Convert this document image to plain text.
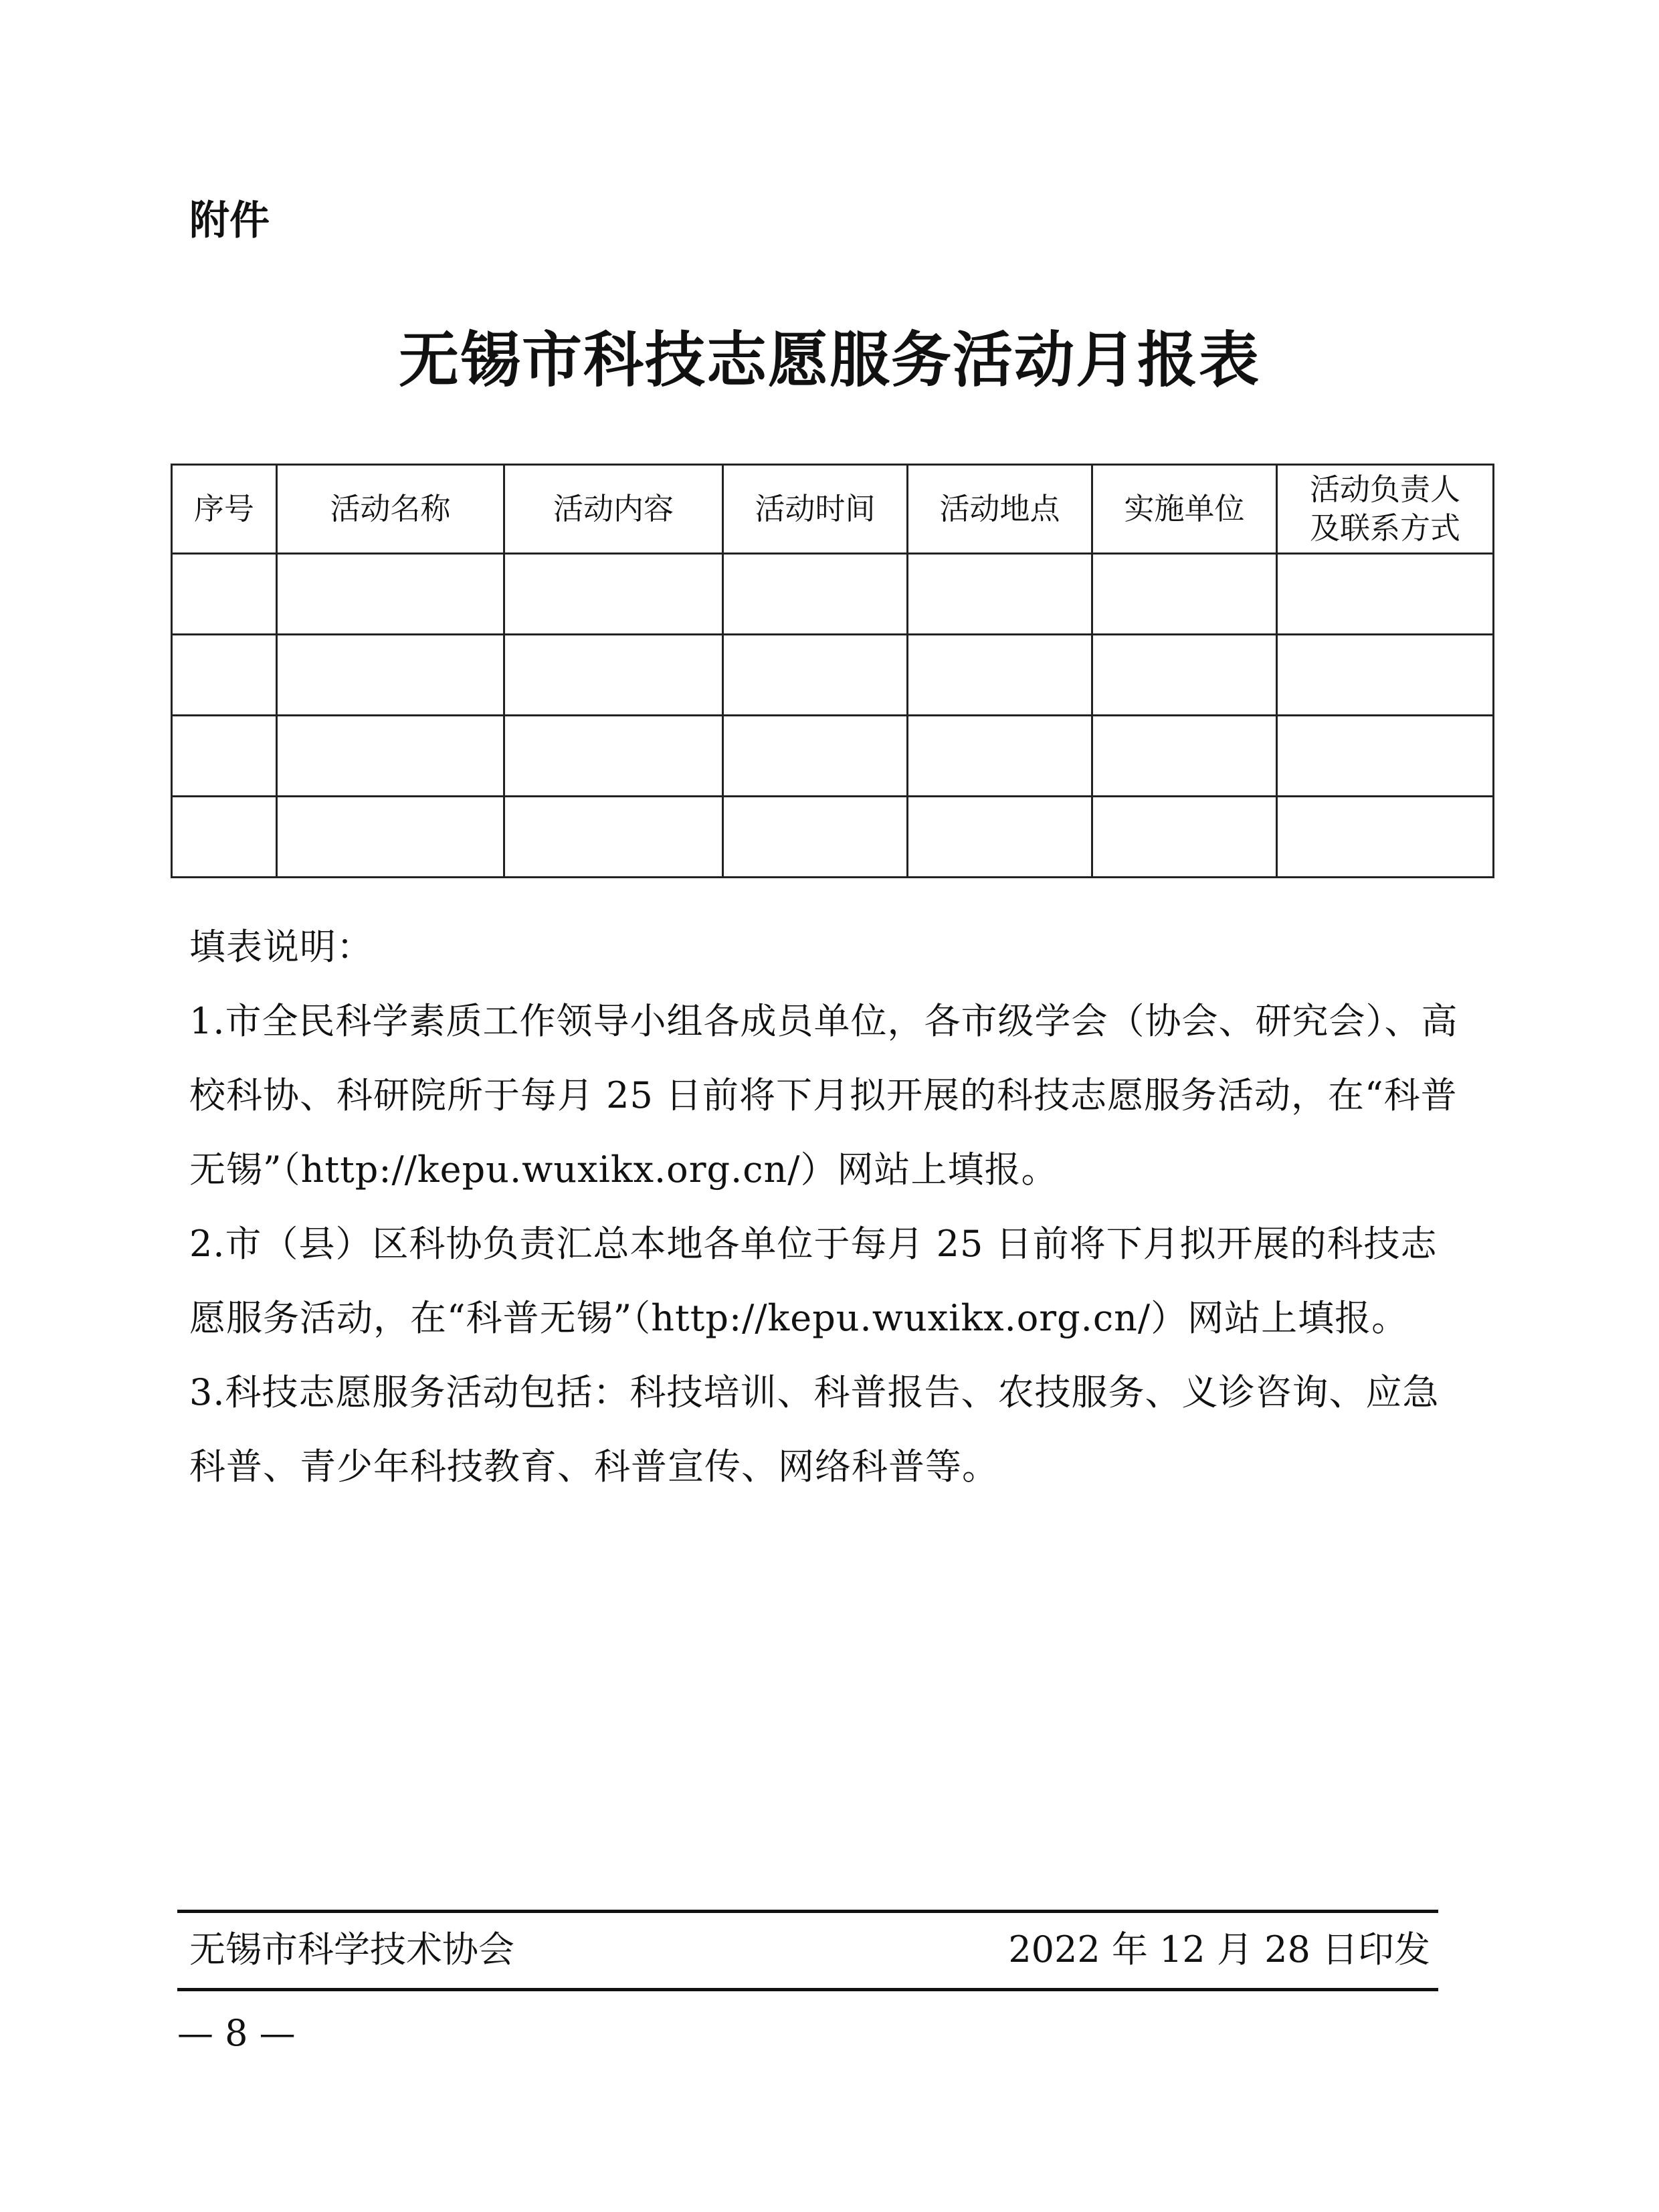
附件

无锡市科技志愿服务活动月报表
序号	活动名称	活动内容	活动时间	活动地点	实施单位	活动负责人
及联系方式

填表说明：

1.市全民科学素质工作领导小组各成员单位，各市级学会（协会、研究会）、高校科协、科研院所于每月 25 日前将下月拟开展的科技志愿服务活动，在“科普无锡”（http://kepu.wuxikx.org.cn/）网站上填报。

2.市（县）区科协负责汇总本地各单位于每月 25 日前将下月拟开展的科技志愿服务活动，在“科普无锡”（http://kepu.wuxikx.org.cn/）网站上填报。

3.科技志愿服务活动包括：科技培训、科普报告、农技服务、义诊咨询、应急科普、青少年科技教育、科普宣传、网络科普等。

无锡市科学技术协会	2022 年 12 月 28 日印发

— 8 —
